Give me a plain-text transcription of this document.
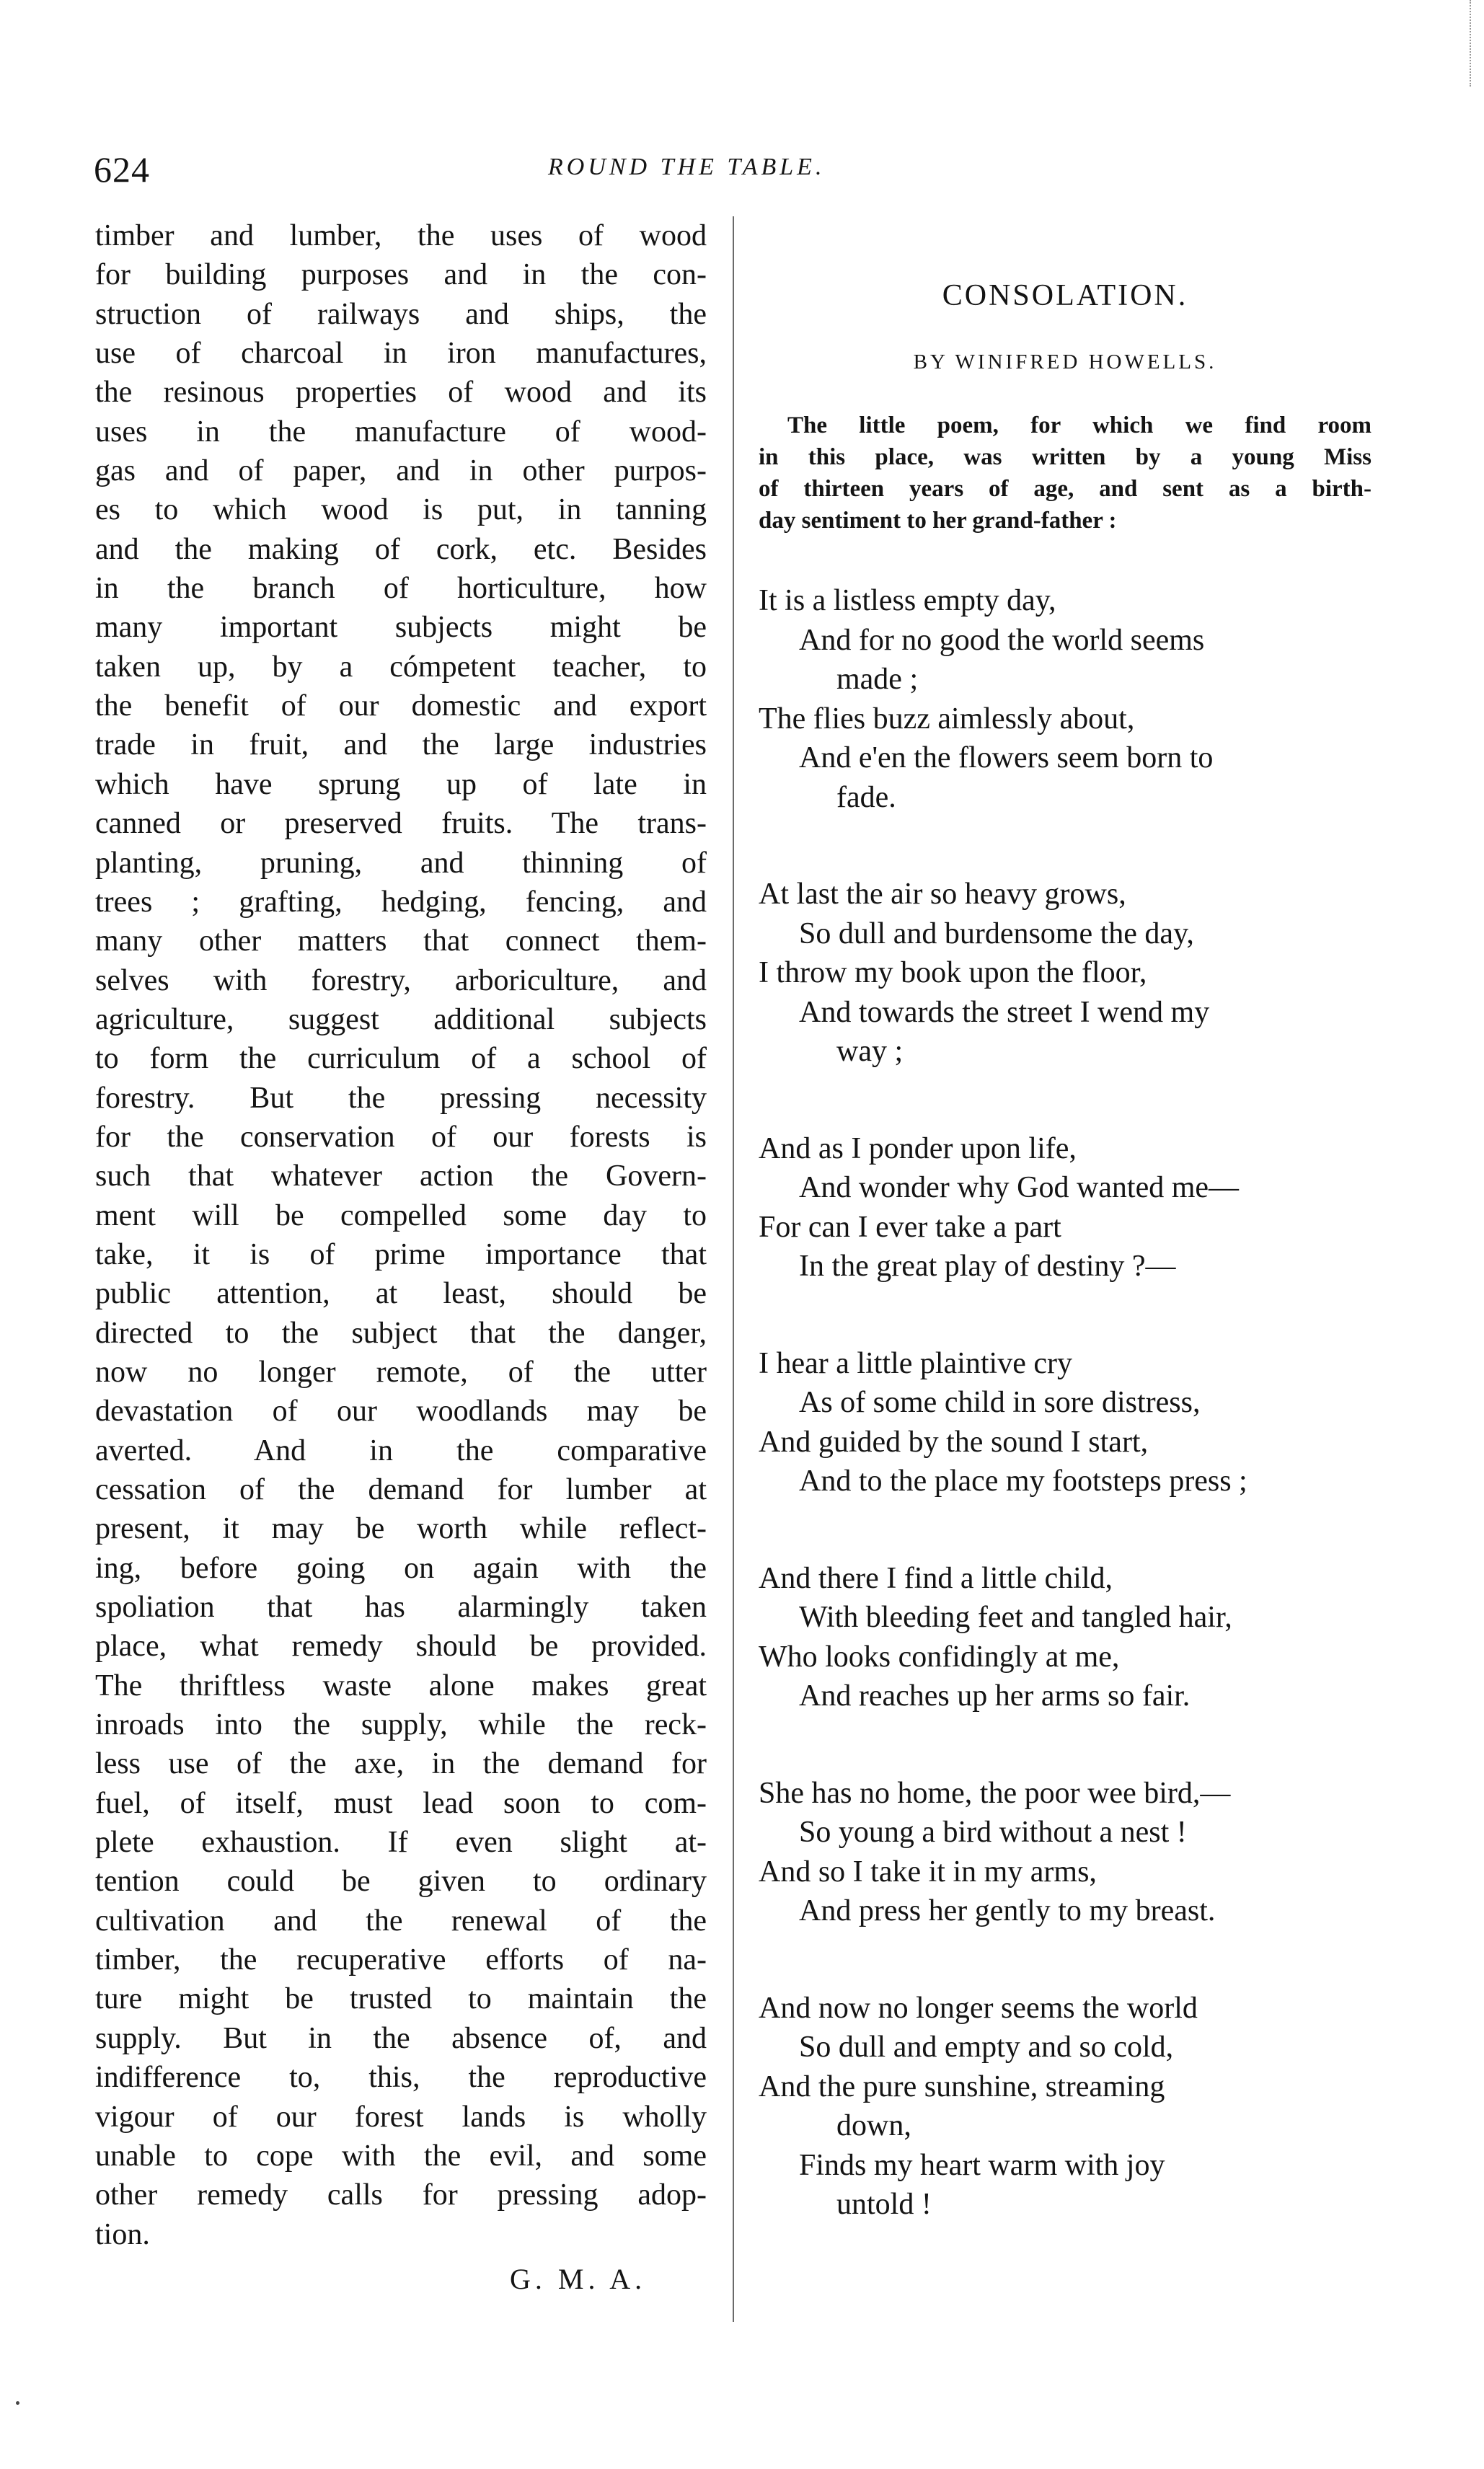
624	ROUND THE TABLE.
timber and lumber, the uses of wood
for building purposes and in the con-
struction of railways and ships, the
use of charcoal in iron manufactures,
the resinous properties of wood and its
uses in the manufacture of wood-
gas and of paper, and in other purpos-
es to which wood is put, in tanning
and the making of cork, etc. Besides
in the branch of horticulture, how
many important subjects might be
taken up, by a cómpetent teacher, to
the benefit of our domestic and export
trade in fruit, and the large industries
which have sprung up of late in
canned or preserved fruits. The trans-
planting, pruning, and thinning of
trees ; grafting, hedging, fencing, and
many other matters that connect them-
selves with forestry, arboriculture, and
agriculture, suggest additional subjects
to form the curriculum of a school of
forestry. But the pressing necessity
for the conservation of our forests is
such that whatever action the Govern-
ment will be compelled some day to
take, it is of prime importance that
public attention, at least, should be
directed to the subject that the danger,
now no longer remote, of the utter
devastation of our woodlands may be
averted. And in the comparative
cessation of the demand for lumber at
present, it may be worth while reflect-
ing, before going on again with the
spoliation that has alarmingly taken
place, what remedy should be provided.
The thriftless waste alone makes great
inroads into the supply, while the reck-
less use of the axe, in the demand for
fuel, of itself, must lead soon to com-
plete exhaustion. If even slight at-
tention could be given to ordinary
cultivation and the renewal of the
timber, the recuperative efforts of na-
ture might be trusted to maintain the
supply. But in the absence of, and
indifference to, this, the reproductive
vigour of our forest lands is wholly
unable to cope with the evil, and some
other remedy calls for pressing adop-
tion.
G. M. A.
CONSOLATION.
BY WINIFRED HOWELLS.
The little poem, for which we find room
in this place, was written by a young Miss
of thirteen years of age, and sent as a birth-
day sentiment to her grand-father :
It is a listless empty day,
And for no good the world seems
made ;
The flies buzz aimlessly about,
And e'en the flowers seem born to
fade.
At last the air so heavy grows,
So dull and burdensome the day,
I throw my book upon the floor,
And towards the street I wend my
way ;
And as I ponder upon life,
And wonder why God wanted me—
For can I ever take a part
In the great play of destiny ?—
I hear a little plaintive cry
As of some child in sore distress,
And guided by the sound I start,
And to the place my footsteps press ;
And there I find a little child,
With bleeding feet and tangled hair,
Who looks confidingly at me,
And reaches up her arms so fair.
She has no home, the poor wee bird,—
So young a bird without a nest !
And so I take it in my arms,
And press her gently to my breast.
And now no longer seems the world
So dull and empty and so cold,
And the pure sunshine, streaming
down,
Finds my heart warm with joy
untold !
